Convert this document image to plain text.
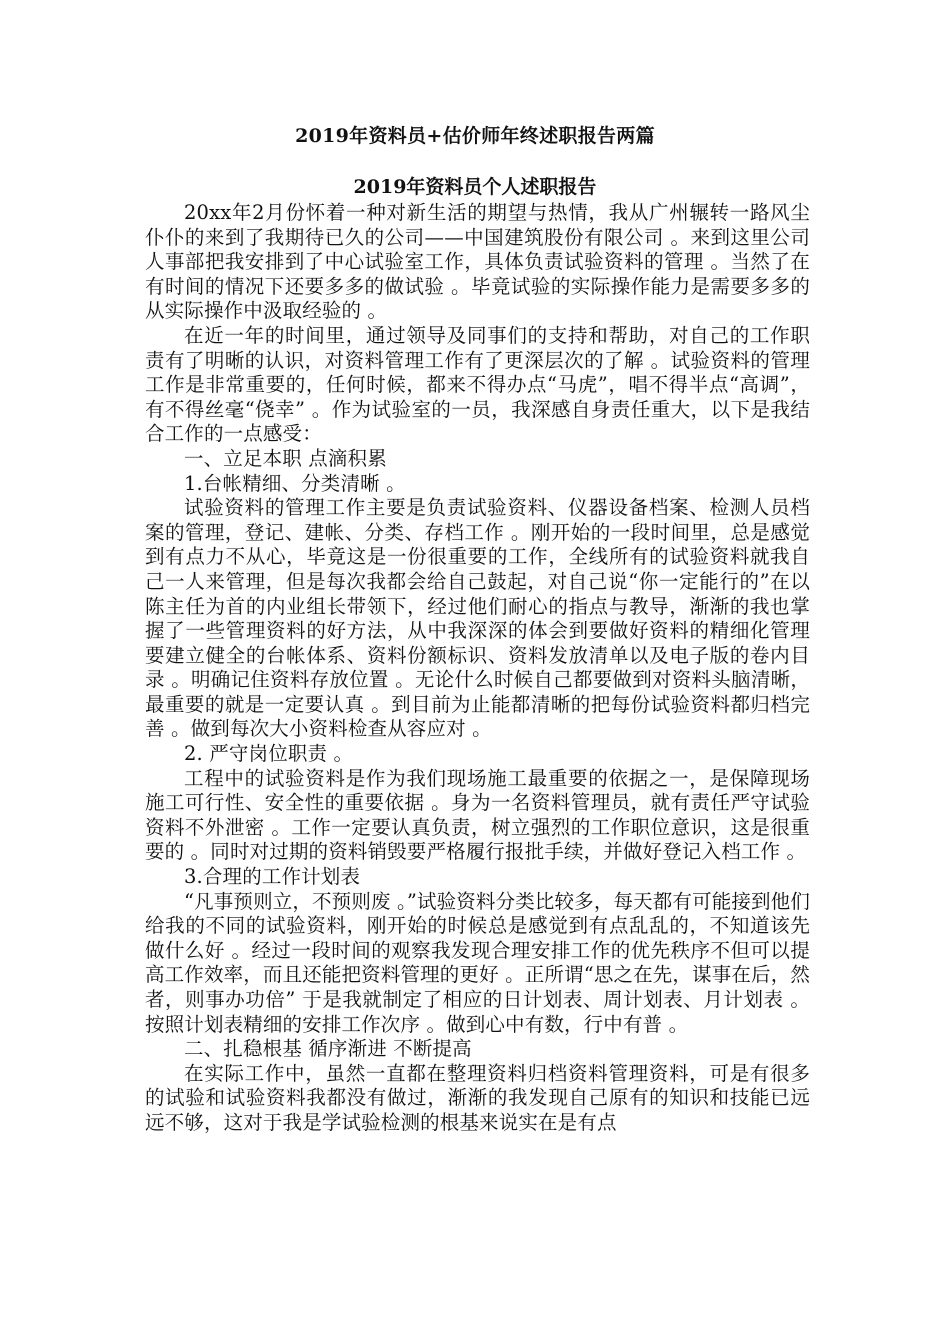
2019年资料员+估价师年终述职报告两篇
2019年资料员个人述职报告

20xx年2月份怀着一种对新生活的期望与热情，我从广州辗转一路风尘仆仆的来到了我期待已久的公司——中国建筑股份有限公司 。来到这里公司人事部把我安排到了中心试验室工作，具体负责试验资料的管理 。当然了在有时间的情况下还要多多的做试验 。毕竟试验的实际操作能力是需要多多的从实际操作中汲取经验的 。

在近一年的时间里，通过领导及同事们的支持和帮助，对自己的工作职责有了明晰的认识，对资料管理工作有了更深层次的了解 。试验资料的管理工作是非常重要的，任何时候，都来不得办点“马虎”，唱不得半点“高调”，有不得丝毫“侥幸” 。作为试验室的一员，我深感自身责任重大，以下是我结合工作的一点感受：

一、立足本职 点滴积累

1.台帐精细、分类清晰 。

试验资料的管理工作主要是负责试验资料、仪器设备档案、检测人员档案的管理，登记、建帐、分类、存档工作 。刚开始的一段时间里，总是感觉到有点力不从心，毕竟这是一份很重要的工作，全线所有的试验资料就我自己一人来管理，但是每次我都会给自己鼓起，对自己说“你一定能行的”在以陈主任为首的内业组长带领下，经过他们耐心的指点与教导，渐渐的我也掌握了一些管理资料的好方法，从中我深深的体会到要做好资料的精细化管理要建立健全的台帐体系、资料份额标识、资料发放清单以及电子版的卷内目录 。明确记住资料存放位置 。无论什么时候自己都要做到对资料头脑清晰，最重要的就是一定要认真 。到目前为止能都清晰的把每份试验资料都归档完善 。做到每次大小资料检查从容应对 。

2. 严守岗位职责 。

工程中的试验资料是作为我们现场施工最重要的依据之一，是保障现场施工可行性、安全性的重要依据 。身为一名资料管理员，就有责任严守试验资料不外泄密 。工作一定要认真负责，树立强烈的工作职位意识，这是很重要的 。同时对过期的资料销毁要严格履行报批手续，并做好登记入档工作 。

3.合理的工作计划表

“凡事预则立，不预则废 。”试验资料分类比较多，每天都有可能接到他们给我的不同的试验资料，刚开始的时候总是感觉到有点乱乱的，不知道该先做什么好 。经过一段时间的观察我发现合理安排工作的优先秩序不但可以提高工作效率，而且还能把资料管理的更好 。正所谓“思之在先，谋事在后，然者，则事办功倍” 于是我就制定了相应的日计划表、周计划表、月计划表 。按照计划表精细的安排工作次序 。做到心中有数，行中有普 。

二、扎稳根基 循序渐进 不断提高

在实际工作中，虽然一直都在整理资料归档资料管理资料，可是有很多的试验和试验资料我都没有做过，渐渐的我发现自己原有的知识和技能已远远不够，这对于我是学试验检测的根基来说实在是有点
